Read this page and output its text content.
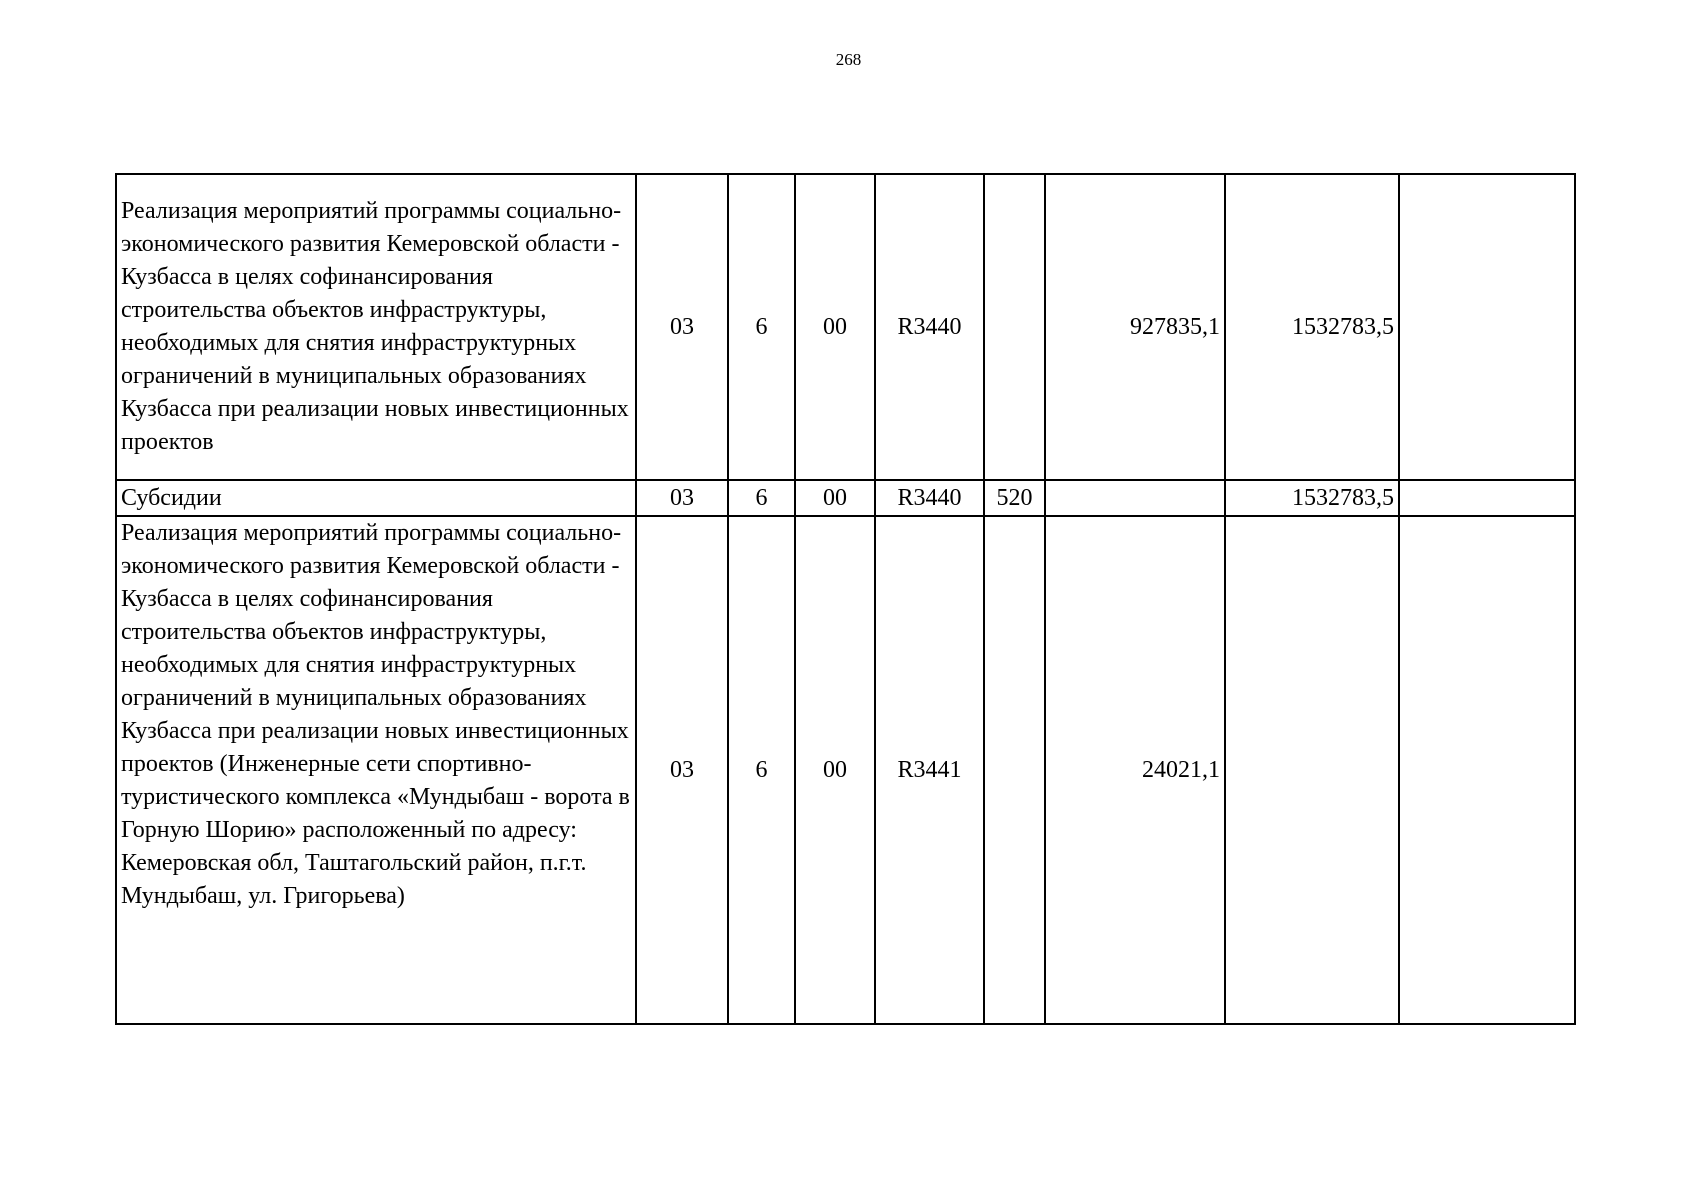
268
Реализация мероприятий программы социально-экономического развития Кемеровской области - Кузбасса в целях софинансирования строительства объектов инфраструктуры, необходимых для снятия инфраструктурных ограничений в муниципальных образованиях Кузбасса при реализации новых инвестиционных проектов	03	6	00	R3440		927835,1	1532783,5	
Субсидии	03	6	00	R3440	520		1532783,5	
Реализация мероприятий программы социально-экономического развития Кемеровской области - Кузбасса в целях софинансирования строительства объектов инфраструктуры, необходимых для снятия инфраструктурных ограничений в муниципальных образованиях Кузбасса при реализации новых инвестиционных проектов (Инженерные сети спортивно-туристического комплекса «Мундыбаш - ворота в Горную Шорию» расположенный по адресу: Кемеровская обл, Таштагольский район, п.г.т. Мундыбаш, ул. Григорьева)	03	6	00	R3441		24021,1		
